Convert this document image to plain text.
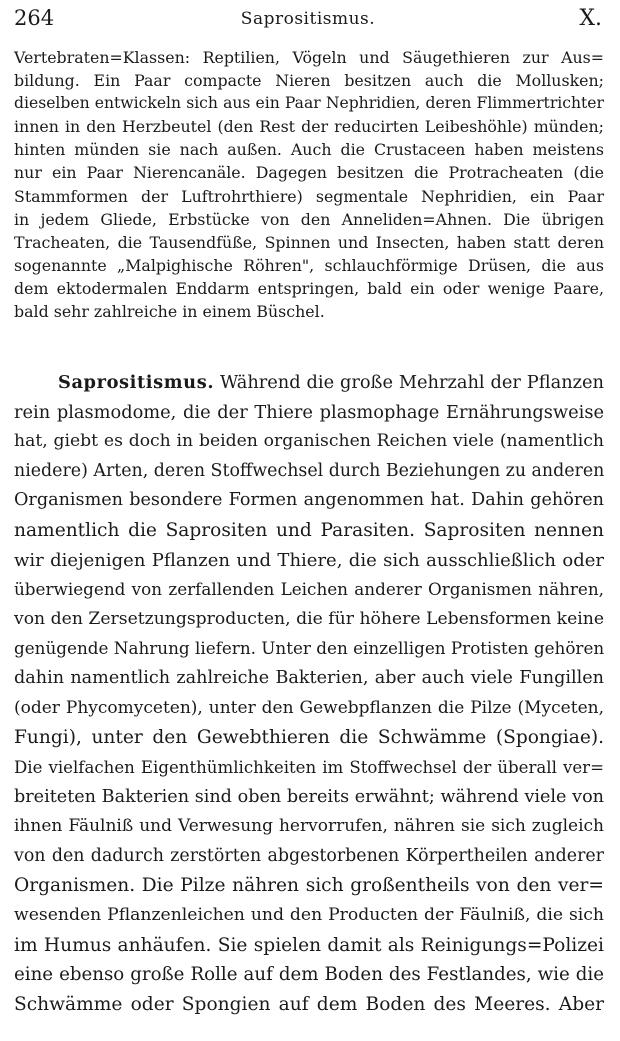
264	Saprositismus.	X.
Vertebraten=Klassen: Reptilien, Vögeln und Säugethieren zur Aus=
bildung. Ein Paar compacte Nieren besitzen auch die Mollusken;
dieselben entwickeln sich aus ein Paar Nephridien, deren Flimmertrichter
innen in den Herzbeutel (den Rest der reducirten Leibeshöhle) münden;
hinten münden sie nach außen. Auch die Crustaceen haben meistens
nur ein Paar Nierencanäle. Dagegen besitzen die Protracheaten (die
Stammformen der Luftrohrthiere) segmentale Nephridien, ein Paar
in jedem Gliede, Erbstücke von den Anneliden=Ahnen. Die übrigen
Tracheaten, die Tausendfüße, Spinnen und Insecten, haben statt deren
sogenannte „Malpighische Röhren", schlauchförmige Drüsen, die aus
dem ektodermalen Enddarm entspringen, bald ein oder wenige Paare,
bald sehr zahlreiche in einem Büschel.
Saprositismus. Während die große Mehrzahl der Pflanzen
rein plasmodome, die der Thiere plasmophage Ernährungsweise
hat, giebt es doch in beiden organischen Reichen viele (namentlich
niedere) Arten, deren Stoffwechsel durch Beziehungen zu anderen
Organismen besondere Formen angenommen hat. Dahin gehören
namentlich die Saprositen und Parasiten. Saprositen nennen
wir diejenigen Pflanzen und Thiere, die sich ausschließlich oder
überwiegend von zerfallenden Leichen anderer Organismen nähren,
von den Zersetzungsproducten, die für höhere Lebensformen keine
genügende Nahrung liefern. Unter den einzelligen Protisten gehören
dahin namentlich zahlreiche Bakterien, aber auch viele Fungillen
(oder Phycomyceten), unter den Gewebpflanzen die Pilze (Myceten,
Fungi), unter den Gewebthieren die Schwämme (Spongiae).
Die vielfachen Eigenthümlichkeiten im Stoffwechsel der überall ver=
breiteten Bakterien sind oben bereits erwähnt; während viele von
ihnen Fäulniß und Verwesung hervorrufen, nähren sie sich zugleich
von den dadurch zerstörten abgestorbenen Körpertheilen anderer
Organismen. Die Pilze nähren sich großentheils von den ver=
wesenden Pflanzenleichen und den Producten der Fäulniß, die sich
im Humus anhäufen. Sie spielen damit als Reinigungs=Polizei
eine ebenso große Rolle auf dem Boden des Festlandes, wie die
Schwämme oder Spongien auf dem Boden des Meeres. Aber
